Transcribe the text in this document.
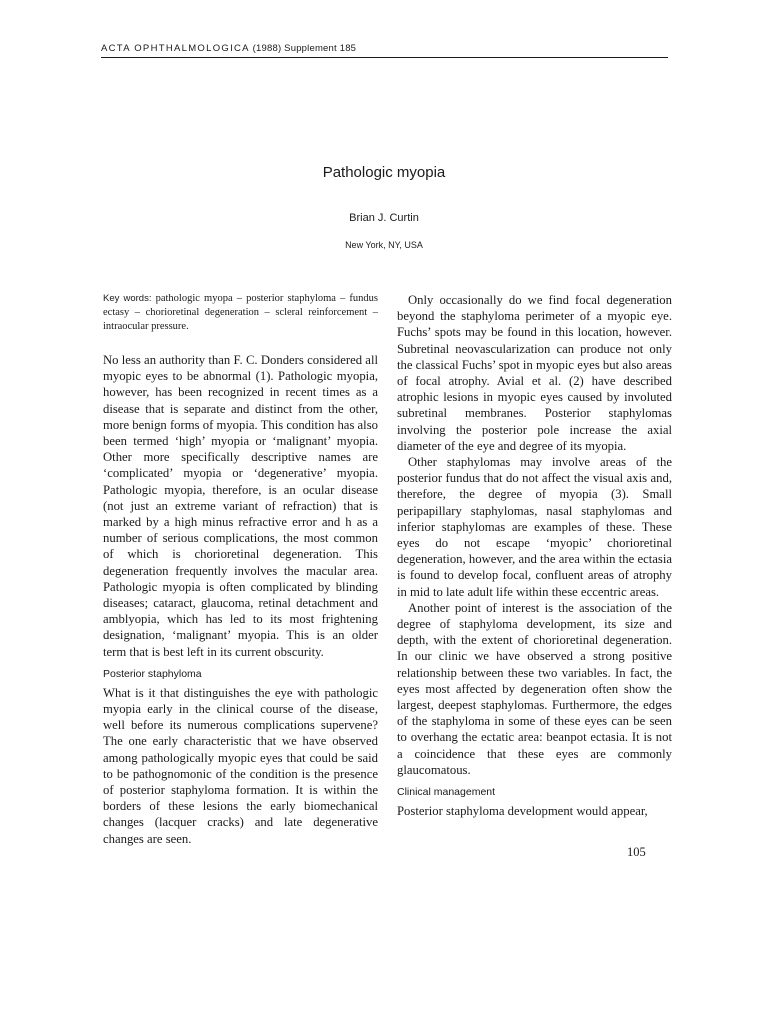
ACTA OPHTHALMOLOGICA (1988) Supplement 185
Pathologic myopia
Brian J. Curtin
New York, NY, USA

Key words: pathologic myopa – posterior staphyloma – fundus ectasy – chorioretinal degeneration – scleral reinforcement – intraocular pressure.

No less an authority than F. C. Donders considered all myopic eyes to be abnormal (1). Pathologic myopia, however, has been recognized in recent times as a disease that is separate and distinct from the other, more benign forms of myopia. This condition has also been termed ‘high’ myopia or ‘malignant’ myopia. Other more specifically descriptive names are ‘complicated’ myopia or ‘degenerative’ myopia. Pathologic myopia, therefore, is an ocular disease (not just an extreme variant of refraction) that is marked by a high minus refractive error and h as a number of serious complications, the most common of which is chorioretinal degeneration. This degeneration frequently involves the macular area. Pathologic myopia is often complicated by blinding diseases; cataract, glaucoma, retinal detachment and amblyopia, which has led to its most frightening designation, ‘malignant’ myopia. This is an older term that is best left in its current obscurity.

Posterior staphyloma

What is it that distinguishes the eye with pathologic myopia early in the clinical course of the disease, well before its numerous complications supervene? The one early characteristic that we have observed among pathologically myopic eyes that could be said to be pathognomonic of the condition is the presence of posterior staphyloma formation. It is within the borders of these lesions the early biomechanical changes (lacquer cracks) and late degenerative changes are seen.

Only occasionally do we find focal degeneration beyond the staphyloma perimeter of a myopic eye. Fuchs’ spots may be found in this location, however. Subretinal neovascularization can produce not only the classical Fuchs’ spot in myopic eyes but also areas of focal atrophy. Avial et al. (2) have described atrophic lesions in myopic eyes caused by involuted subretinal membranes. Posterior staphylomas involving the posterior pole increase the axial diameter of the eye and degree of its myopia.

Other staphylomas may involve areas of the posterior fundus that do not affect the visual axis and, therefore, the degree of myopia (3). Small peripapillary staphylomas, nasal staphylomas and inferior staphylomas are examples of these. These eyes do not escape ‘myopic’ chorioretinal degeneration, however, and the area within the ectasia is found to develop focal, confluent areas of atrophy in mid to late adult life within these eccentric areas.

Another point of interest is the association of the degree of staphyloma development, its size and depth, with the extent of chorioretinal degeneration. In our clinic we have observed a strong positive relationship between these two variables. In fact, the eyes most affected by degeneration often show the largest, deepest staphylomas. Furthermore, the edges of the staphyloma in some of these eyes can be seen to overhang the ectatic area: beanpot ectasia. It is not a coincidence that these eyes are commonly glaucomatous.

Clinical management

Posterior staphyloma development would appear,

105
